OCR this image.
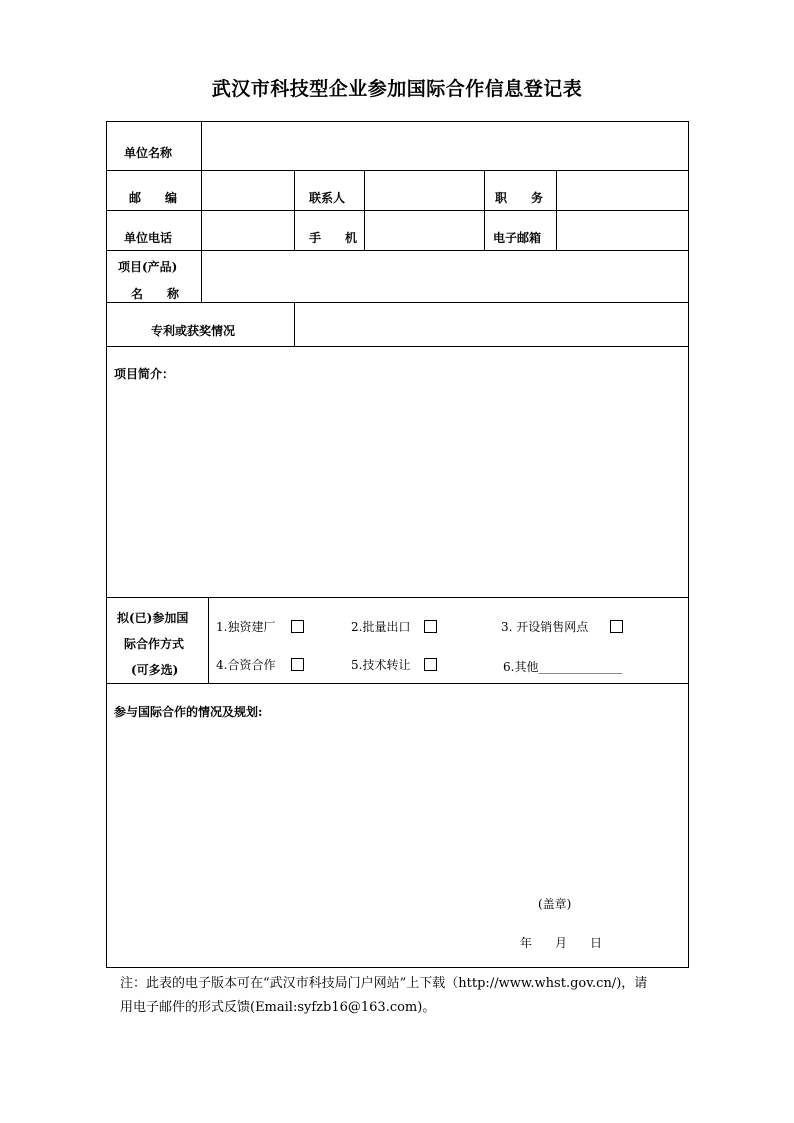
武汉市科技型企业参加国际合作信息登记表
单位名称
邮　　编	联系人	职　　务
单位电话	手　　机	电子邮箱
项目(产品)
名　　称
专利或获奖情况
项目简介：
拟(已)参加国
际合作方式
(可多选)
1.独资建厂	2.批量出口	3. 开设销售网点
4.合资合作	5.技术转让	6.其他______________
参与国际合作的情况及规划:
(盖章)
年 月 日
注：此表的电子版本可在“武汉市科技局门户网站”上下载（http://www.whst.gov.cn/)，请
用电子邮件的形式反馈(Email:syfzb16@163.com)。
